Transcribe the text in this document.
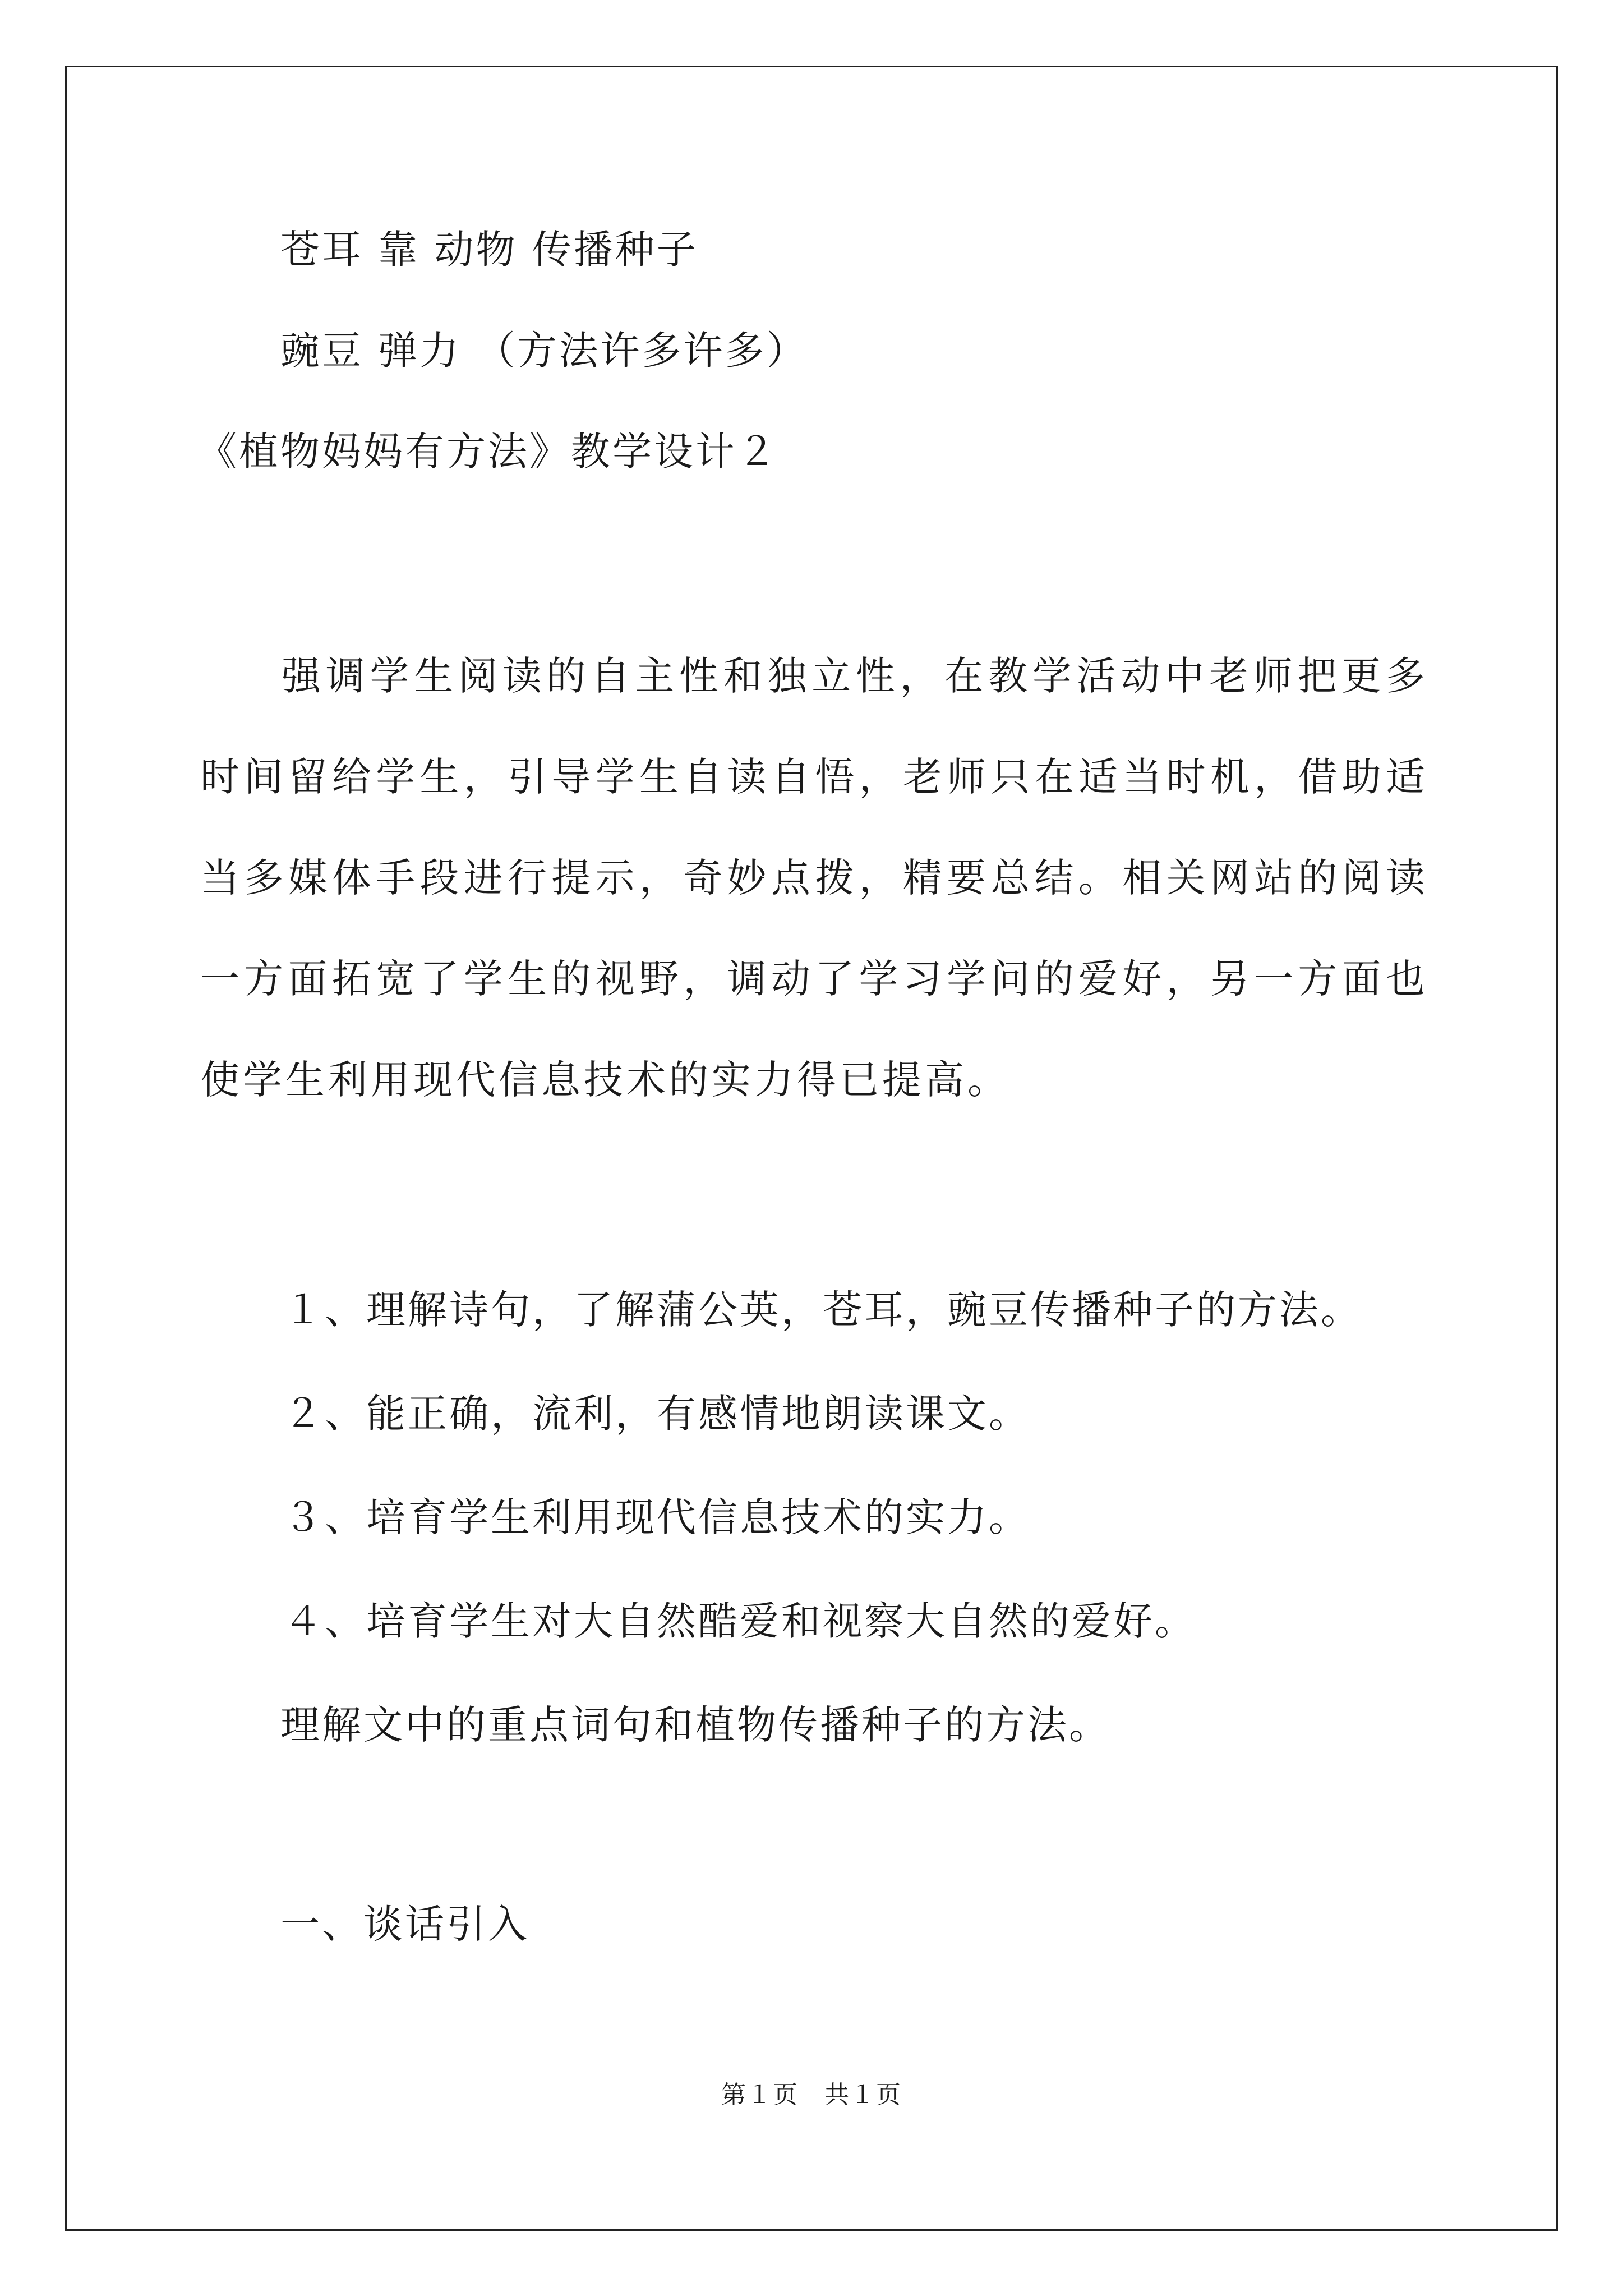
苍耳 靠 动物 传播种子
豌豆 弹力 （方法许多许多）
《植物妈妈有方法》教学设计２

强调学生阅读的自主性和独立性，在教学活动中老师把更多时间留给学生，引导学生自读自悟，老师只在适当时机，借助适当多媒体手段进行提示，奇妙点拨，精要总结。相关网站的阅读一方面拓宽了学生的视野，调动了学习学问的爱好，另一方面也使学生利用现代信息技术的实力得已提高。

１、理解诗句，了解蒲公英，苍耳，豌豆传播种子的方法。
２、能正确，流利，有感情地朗读课文。
３、培育学生利用现代信息技术的实力。
４、培育学生对大自然酷爱和视察大自然的爱好。
理解文中的重点词句和植物传播种子的方法。
一、谈话引入
第１页　共１页
